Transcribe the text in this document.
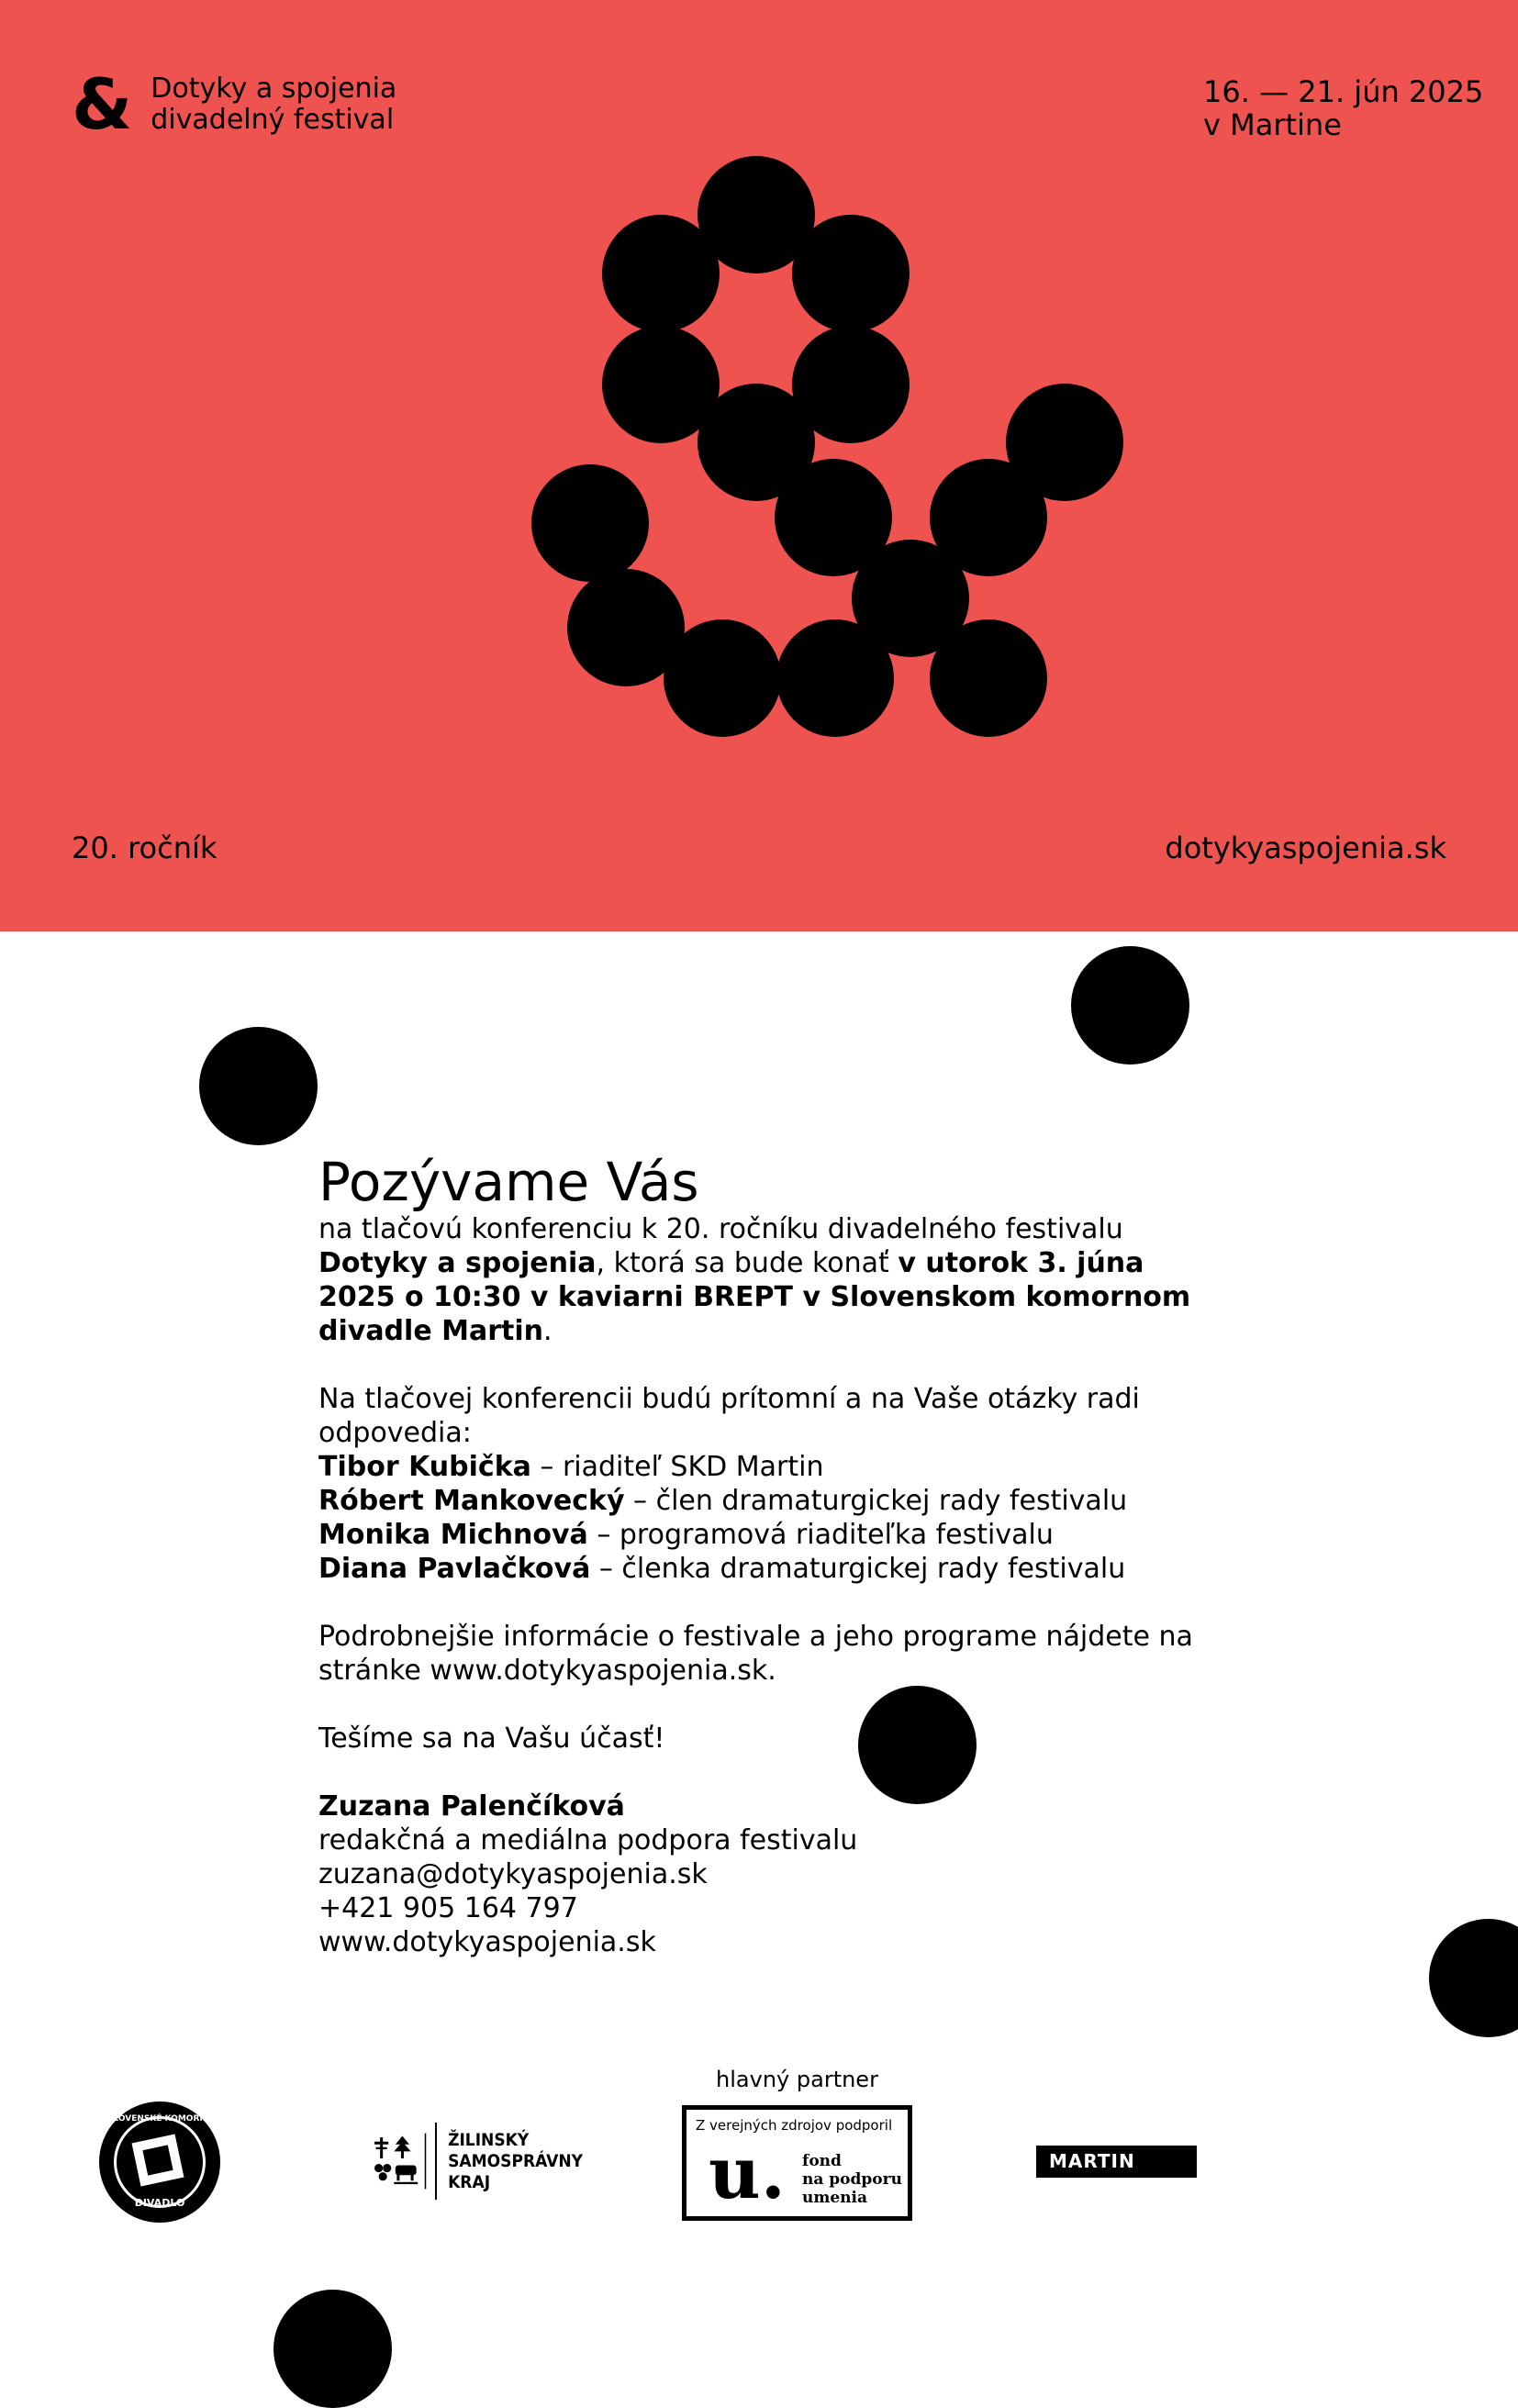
& Dotyky a spojenia
divadelný festival
16. — 21. jún 2025
v Martine
20. ročník	dotykyaspojenia.sk
Pozývame Vás

na tlačovú konferenciu k 20. ročníku divadelného festivalu Dotyky a spojenia, ktorá sa bude konať v utorok 3. júna 2025 o 10:30 v kaviarni BREPT v Slovenskom komornom divadle Martin.

Na tlačovej konferencii budú prítomní a na Vaše otázky radi odpovedia:

Tibor Kubička – riaditeľ SKD Martin

Róbert Mankovecký – člen dramaturgickej rady festivalu

Monika Michnová – programová riaditeľka festivalu

Diana Pavlačková – členka dramaturgickej rady festivalu

Podrobnejšie informácie o festivale a jeho programe nájdete na stránke www.dotykyaspojenia.sk.

Tešíme sa na Vašu účasť!

Zuzana Palenčíková

redakčná a mediálna podpora festivalu

zuzana@dotykyaspojenia.sk

+421 905 164 797

www.dotykyaspojenia.sk

hlavný partner
SLOVENSKÉ KOMORNÉ
DIVADLO
ŽILINSKÝ
SAMOSPRÁVNY
KRAJ
Z verejných zdrojov podporil
u. fond
na podporu
umenia
MARTIN
